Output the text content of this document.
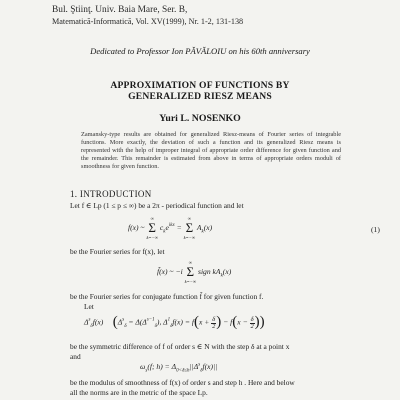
Bul. Ştiinţ. Univ. Baia Mare, Ser. B,
Matematică-Informatică, Vol. XV(1999), Nr. 1-2, 131-138
Dedicated to Professor Ion PĂVĂLOIU on his 60th anniversary
APPROXIMATION OF FUNCTIONS BY
GENERALIZED RIESZ MEANS
Yuri L. NOSENKO
Zamansky-type results are obtained for generalized Riesz-means of Fourier series of integrable functions. More exactly, the deviation of such a function and its generalized Riesz means is represented with the help of improper integral of appropriate order difference for given function and the remainder. This remainder is estimated from above in terms of appropriate orders moduli of smoothness for given function.
1. INTRODUCTION
Let f ∈ Lp (1 ≤ p ≤ ∞) be a 2π - periodical function and let
f(x) ~ ∞
Σ
k=−∞ $c_ke^{ikx}$ = ∞
Σ
k=−∞ $A_k(x)$	(1)
be the Fourier series for f(x), let
f̃(x) ~ −i ∞
Σ
k=−∞ sign $kA_k(x)$
be the Fourier series for conjugate function f̃ for given function f.
Let
$\Delta^s_\delta f(x)$     ($\Delta^s_\delta = \Delta(\Delta^{s-1}_\delta)$, $\Delta^1_\delta f(x) = f(x + \frac{\delta}{2}) - f(x - \frac{\delta}{2})$)
be the symmetric difference of f of order s ∈ N with the step δ at a point x
and
$\omega_s(f$; $h) = \Delta_{0<\delta\le h}||\Delta^s_\delta f(x)||$
be the modulus of smoothness of f(x) of order s and step h . Here and below
all the norms are in the metric of the space Lp.
